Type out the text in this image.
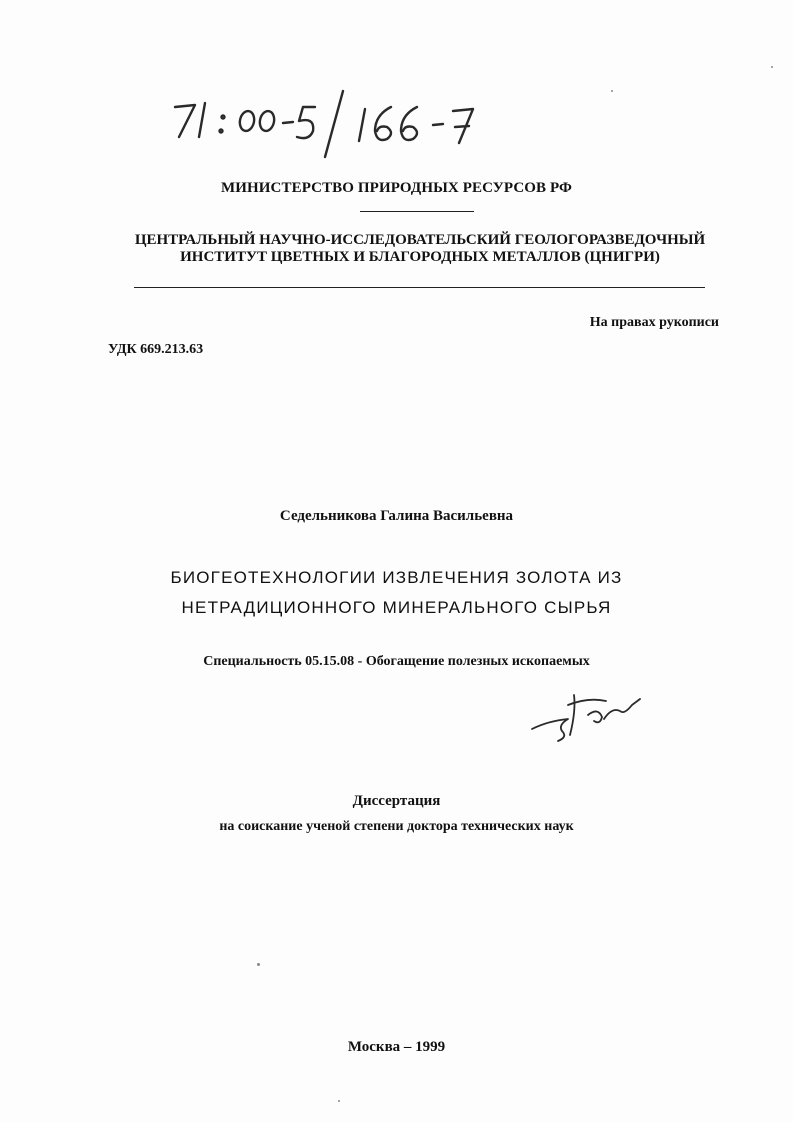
МИНИСТЕРСТВО ПРИРОДНЫХ РЕСУРСОВ РФ
ЦЕНТРАЛЬНЫЙ НАУЧНО-ИССЛЕДОВАТЕЛЬСКИЙ ГЕОЛОГОРАЗВЕДОЧНЫЙ
ИНСТИТУТ ЦВЕТНЫХ И БЛАГОРОДНЫХ МЕТАЛЛОВ (ЦНИГРИ)
На правах рукописи
УДК 669.213.63
Седельникова Галина Васильевна
БИОГЕОТЕХНОЛОГИИ ИЗВЛЕЧЕНИЯ ЗОЛОТА ИЗ
НЕТРАДИЦИОННОГО МИНЕРАЛЬНОГО СЫРЬЯ
Специальность 05.15.08 - Обогащение полезных ископаемых
Диссертация
на соискание ученой степени доктора технических наук
Москва – 1999
